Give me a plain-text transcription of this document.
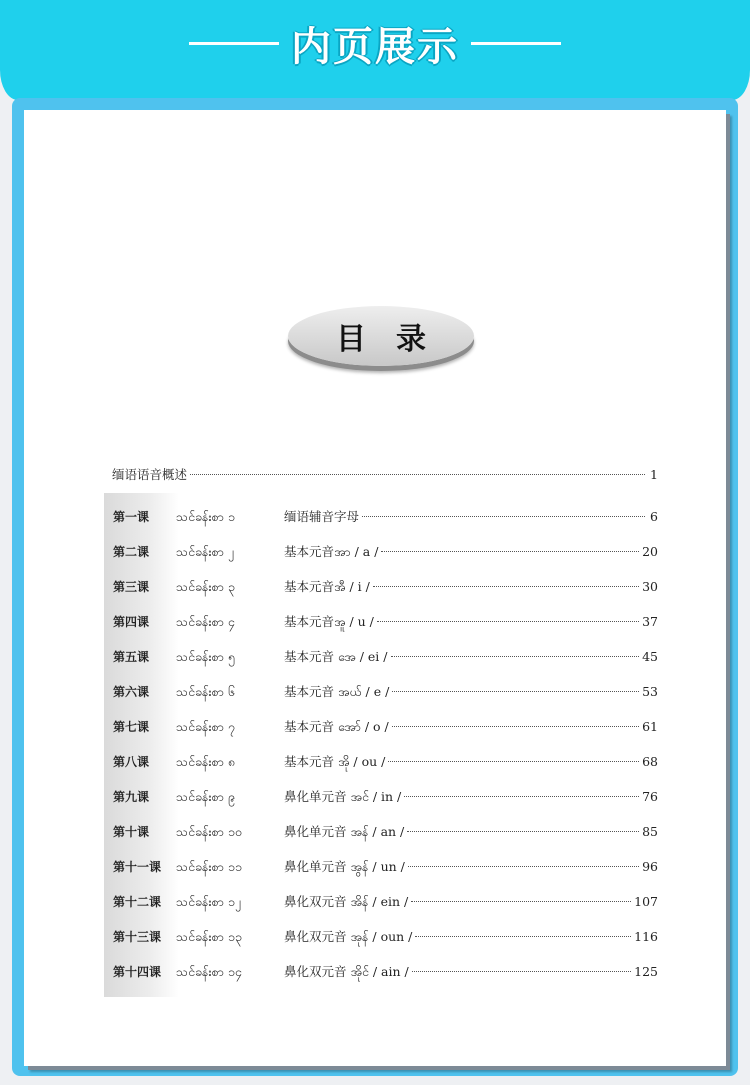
内页展示
目录
缅语语音概述	1
第一课	သင်ခန်းစာ ၁	缅语辅音字母	6
第二课	သင်ခန်းစာ ၂	基本元音အာ / a /	20
第三课	သင်ခန်းစာ ၃	基本元音အီ / i /	30
第四课	သင်ခန်းစာ ၄	基本元音အူ / u /	37
第五课	သင်ခန်းစာ ၅	基本元音 အေ / ei /	45
第六课	သင်ခန်းစာ ၆	基本元音 အယ် / e /	53
第七课	သင်ခန်းစာ ၇	基本元音 အော် / o /	61
第八课	သင်ခန်းစာ ၈	基本元音 အို / ou /	68
第九课	သင်ခန်းစာ ၉	鼻化单元音 အင် / in /	76
第十课	သင်ခန်းစာ ၁၀	鼻化单元音 အန် / an /	85
第十一课	သင်ခန်းစာ ၁၁	鼻化单元音 အွန် / un /	96
第十二课	သင်ခန်းစာ ၁၂	鼻化双元音 အိန် / ein /	107
第十三课	သင်ခန်းစာ ၁၃	鼻化双元音 အုန် / oun /	116
第十四课	သင်ခန်းစာ ၁၄	鼻化双元音 အိုင် / ain /	125
